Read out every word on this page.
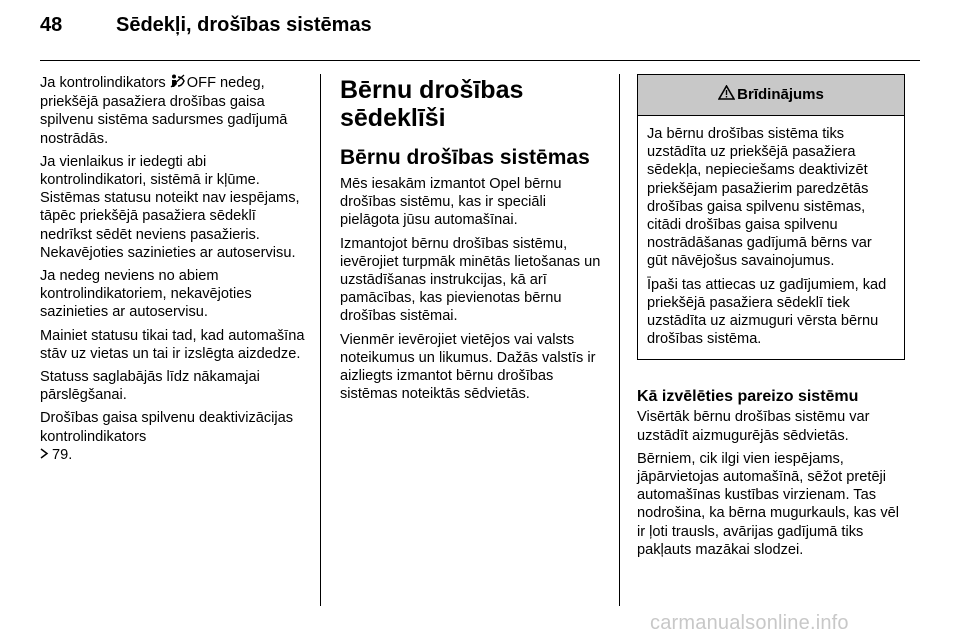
48	Sēdekļi, drošības sistēmas

Ja kontrolindikators OFF nedeg, priekšējā pasažiera drošības gaisa spilvenu sistēma sadursmes gadījumā nostrādās.

Ja vienlaikus ir iedegti abi kontrolindikatori, sistēmā ir kļūme. Sistēmas statusu noteikt nav iespējams, tāpēc priekšējā pasažiera sēdeklī nedrīkst sēdēt neviens pasažieris. Nekavējoties sazinieties ar autoservisu.

Ja nedeg neviens no abiem kontrolindikatoriem, nekavējoties sazinieties ar autoservisu.

Mainiet statusu tikai tad, kad automašīna stāv uz vietas un tai ir izslēgta aizdedze.

Statuss saglabājās līdz nākamajai pārslēgšanai.

Drošības gaisa spilvenu deaktivizācijas kontrolindikators
79.

Bērnu drošības sēdeklīši
Bērnu drošības sistēmas

Mēs iesakām izmantot Opel bērnu drošības sistēmu, kas ir speciāli pielāgota jūsu automašīnai.

Izmantojot bērnu drošības sistēmu, ievērojiet turpmāk minētās lietošanas un uzstādīšanas instrukcijas, kā arī pamācības, kas pievienotas bērnu drošības sistēmai.

Vienmēr ievērojiet vietējos vai valsts noteikumus un likumus. Dažās valstīs ir aizliegts izmantot bērnu drošības sistēmas noteiktās sēdvietās.

Brīdinājums

Ja bērnu drošības sistēma tiks uzstādīta uz priekšējā pasažiera sēdekļa, nepieciešams deaktivizēt priekšējam pasažierim paredzētās drošības gaisa spilvenu sistēmas, citādi drošības gaisa spilvenu nostrādāšanas gadījumā bērns var gūt nāvējošus savainojumus.

Īpaši tas attiecas uz gadījumiem, kad priekšējā pasažiera sēdeklī tiek uzstādīta uz aizmuguri vērsta bērnu drošības sistēma.

Kā izvēlēties pareizo sistēmu

Visērtāk bērnu drošības sistēmu var uzstādīt aizmugurējās sēdvietās.

Bērniem, cik ilgi vien iespējams, jāpārvietojas automašīnā, sēžot pretēji automašīnas kustības virzienam. Tas nodrošina, ka bērna mugurkauls, kas vēl ir ļoti trausls, avārijas gadījumā tiks pakļauts mazākai slodzei.

carmanualsonline.info
